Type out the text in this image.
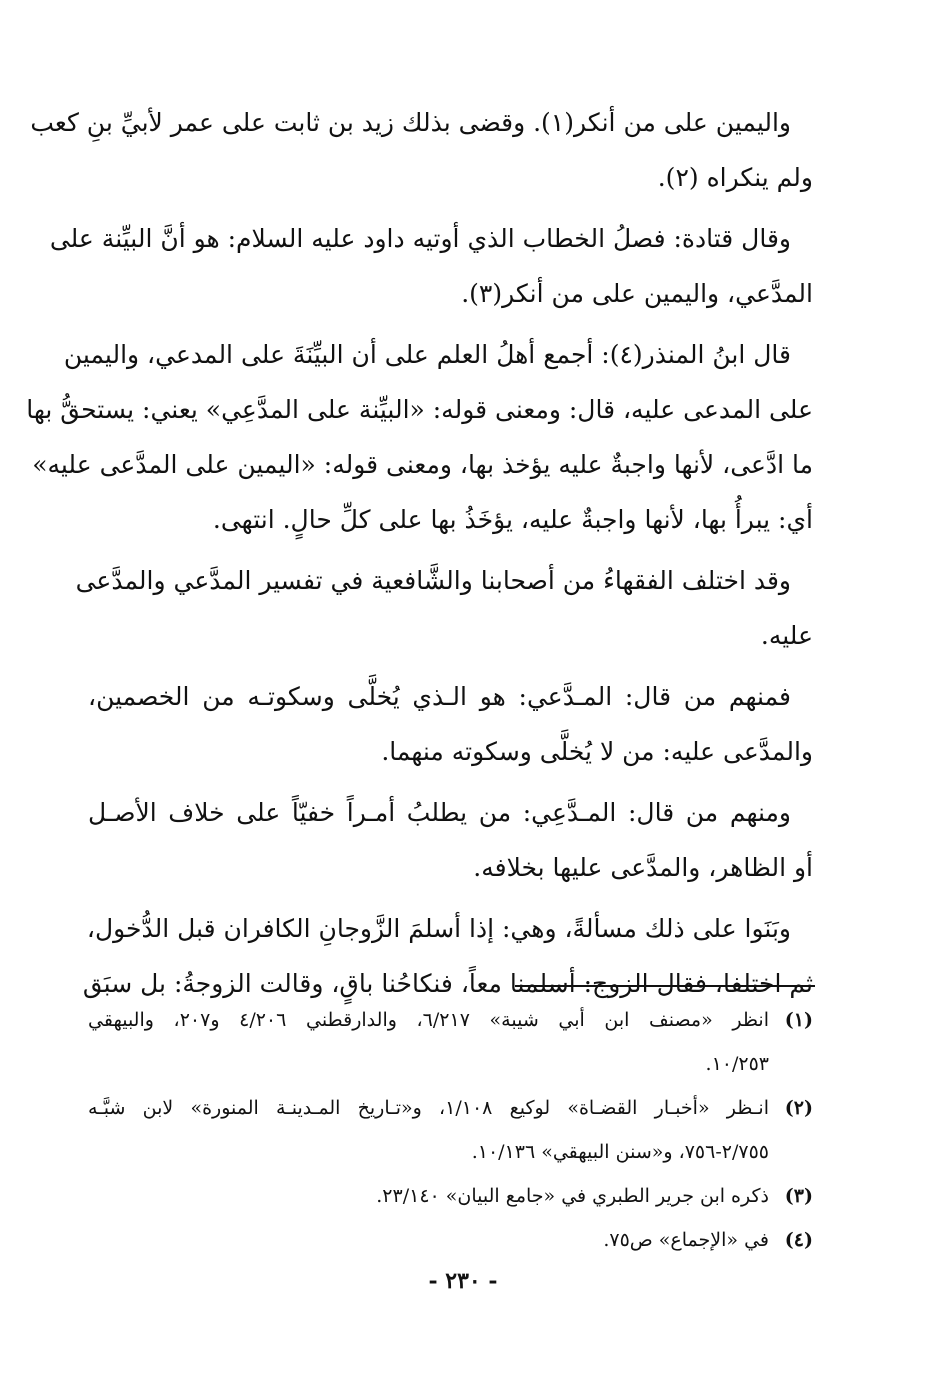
واليمين على من أنكر(١). وقضى بذلك زيد بن ثابت على عمر لأبيِّ بنِ كعب
ولم ينكراه (٢).
وقال قتادة: فصلُ الخطاب الذي أوتيه داود عليه السلام: هو أنَّ البيِّنة على
المدَّعي، واليمين على من أنكر(٣).
قال ابنُ المنذر(٤): أجمع أهلُ العلم على أن البيِّنَةَ على المدعي، واليمين
على المدعى عليه، قال: ومعنى قوله: «البيِّنة على المدَّعِي» يعني: يستحقُّ بها
ما ادَّعى، لأنها واجبةٌ عليه يؤخذ بها، ومعنى قوله: «اليمين على المدَّعى عليه»
أي: يبرأُ بها، لأنها واجبةٌ عليه، يؤخَذُ بها على كلِّ حالٍ. انتهى.
وقد اختلف الفقهاءُ من أصحابنا والشَّافعية في تفسير المدَّعي والمدَّعى
عليه.
فمنهم من قال: المـدَّعي: هو الـذي يُخلَّى وسكوتـه من الخصمين،
والمدَّعى عليه: من لا يُخلَّى وسكوته منهما.
ومنهم من قال: المـدَّعِي: من يطلبُ أمـراً خفيّاً على خلاف الأصـل
أو الظاهر، والمدَّعى عليها بخلافه.
وبَنَوا على ذلك مسألةً، وهي: إذا أسلمَ الزَّوجانِ الكافران قبل الدُّخول،
ثم اختلفا، فقال الزوج: أسلمنا معاً، فنكاحُنا باقٍ، وقالت الزوجةُ: بل سبَق
(١)
انظر «مصنف ابن أبي شيبة» ٦/٢١٧، والدارقطني ٤/٢٠٦ و٢٠٧، والبيهقي
١٠/٢٥٣.
(٢)
انـظر «أخبـار القضـاة» لوكيع ١/١٠٨، و«تـاريخ المـدينـة المنورة» لابن شبَّـه
٢/٧٥٥-٧٥٦، و«سنن البيهقي» ١٠/١٣٦.
(٣)
ذكره ابن جرير الطبري في «جامع البيان» ٢٣/١٤٠.
(٤)
في «الإجماع» ص٧٥.
- ٢٣٠ -
